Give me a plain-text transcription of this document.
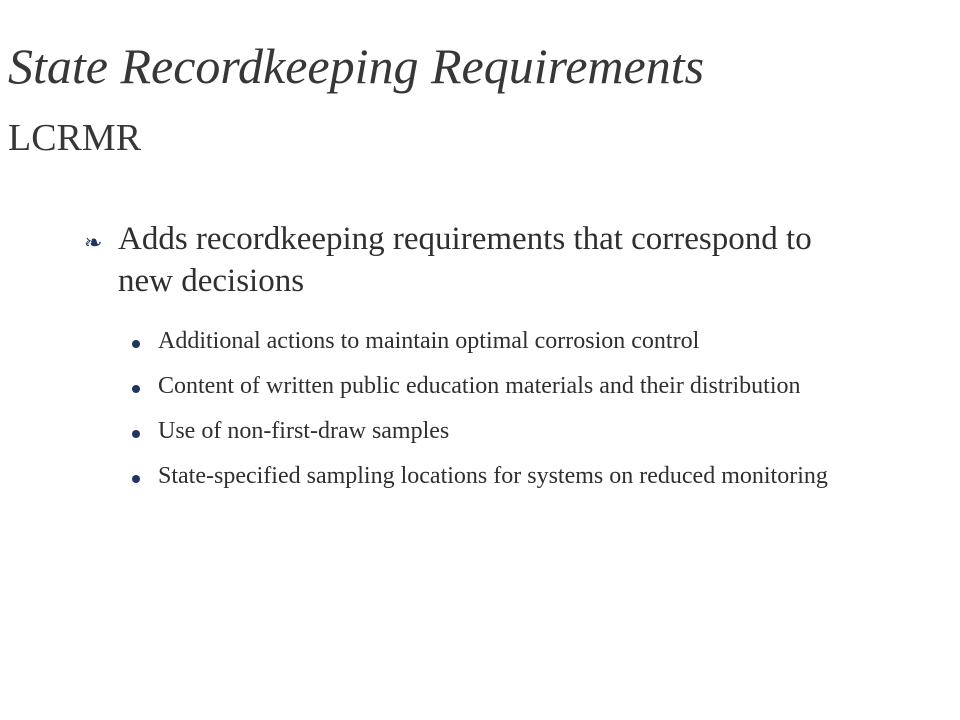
State Recordkeeping Requirements
LCRMR
❧ Adds recordkeeping requirements that correspond to new decisions
Additional actions to maintain optimal corrosion control
Content of written public education materials and their distribution
Use of non-first-draw samples
State-specified sampling locations for systems on reduced monitoring
